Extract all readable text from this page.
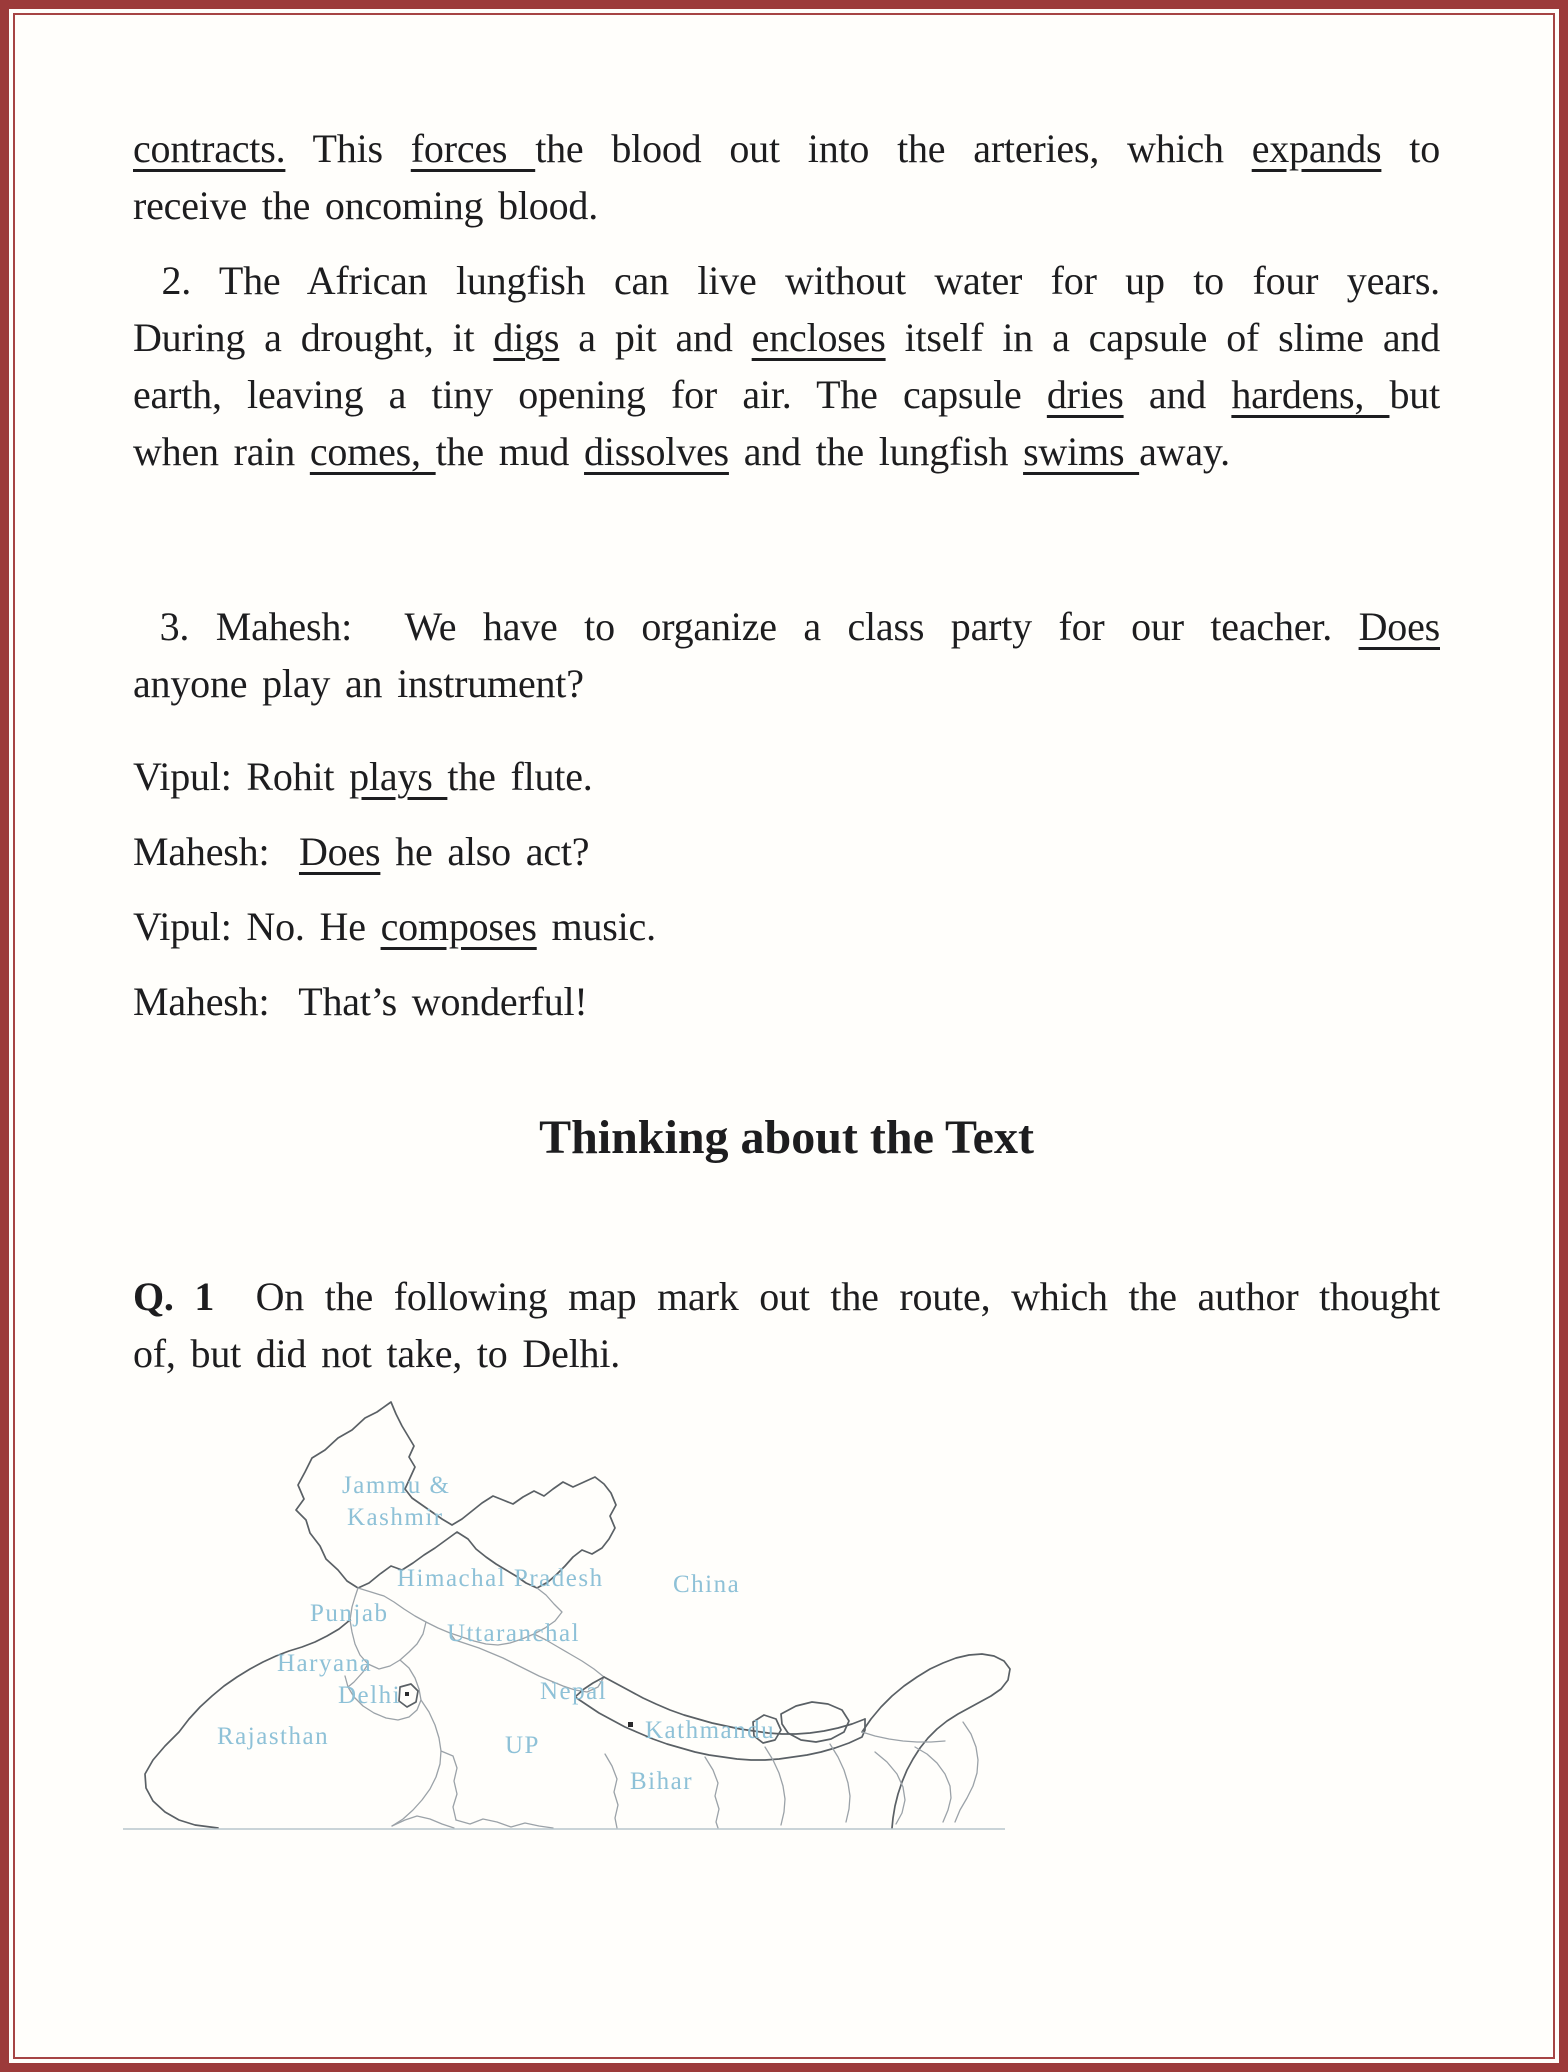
contracts. This forces the blood out into the arteries, which expands to
receive the oncoming blood.
2. The African lungfish can live without water for up to four years.
During a drought, it digs a pit and encloses itself in a capsule of slime and
earth, leaving a tiny opening for air. The capsule dries and hardens, but
when rain comes, the mud dissolves and the lungfish swims away.
3. Mahesh:  We have to organize a class party for our teacher. Does
anyone play an instrument?
Vipul: Rohit plays the flute.
Mahesh:  Does he also act?
Vipul: No. He composes music.
Mahesh:  That’s wonderful!
Thinking about the Text
Q. 1  On the following map mark out the route, which the author thought
of, but did not take, to Delhi.
Jammu &
Kashmir
Himachal Pradesh	China
Punjab
Uttaranchal
Haryana
Delhi	Nepal
Rajasthan	UP
Kathmandu
Bihar
